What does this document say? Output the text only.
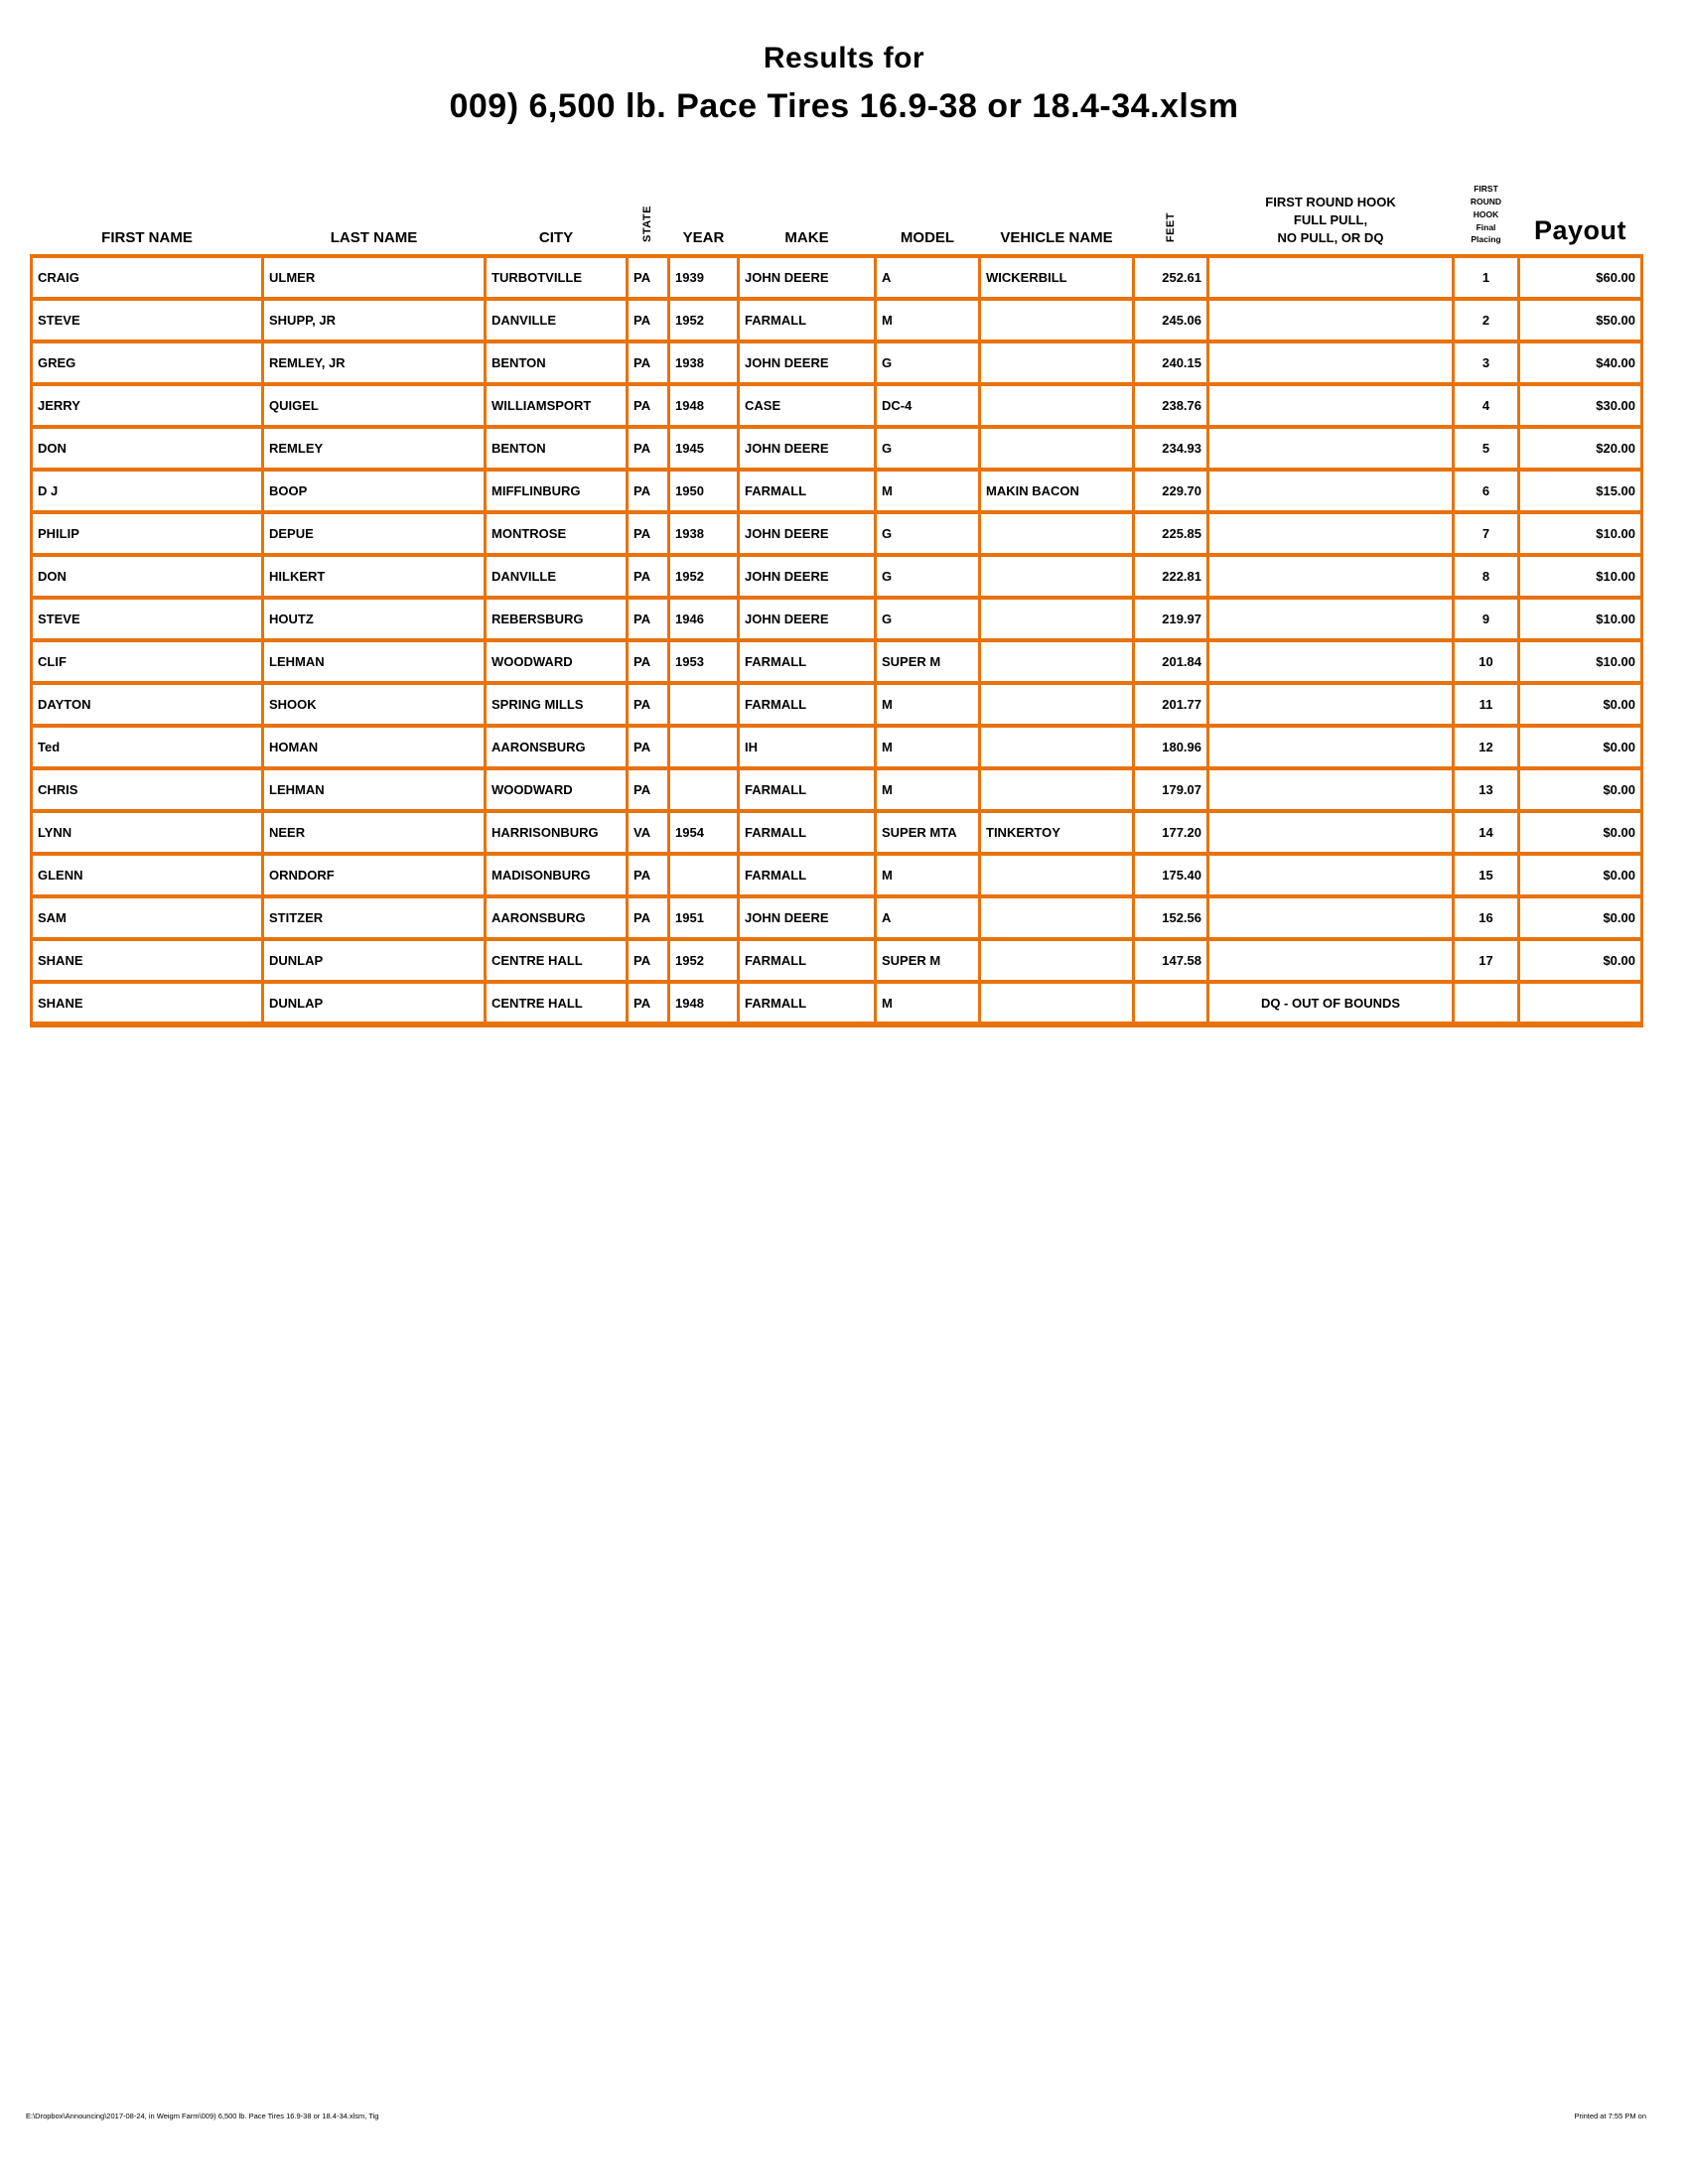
Results for
009) 6,500 lb. Pace Tires 16.9-38 or 18.4-34.xlsm
FIRST NAME	LAST NAME	CITY	STATE	YEAR	MAKE	MODEL	VEHICLE NAME	FEET	
FIRST ROUND HOOK
FULL PULL,
NO PULL, OR DQ

FIRST
ROUND
HOOK
Final
Placing	Payout
CRAIG	ULMER	TURBOTVILLE	PA	1939	JOHN DEERE	A	WICKERBILL	252.61		1	$60.00
STEVE	SHUPP, JR	DANVILLE	PA	1952	FARMALL	M		245.06		2	$50.00
GREG	REMLEY, JR	BENTON	PA	1938	JOHN DEERE	G		240.15		3	$40.00
JERRY	QUIGEL	WILLIAMSPORT	PA	1948	CASE	DC-4		238.76		4	$30.00
DON	REMLEY	BENTON	PA	1945	JOHN DEERE	G		234.93		5	$20.00
D J	BOOP	MIFFLINBURG	PA	1950	FARMALL	M	MAKIN BACON	229.70		6	$15.00
PHILIP	DEPUE	MONTROSE	PA	1938	JOHN DEERE	G		225.85		7	$10.00
DON	HILKERT	DANVILLE	PA	1952	JOHN DEERE	G		222.81		8	$10.00
STEVE	HOUTZ	REBERSBURG	PA	1946	JOHN DEERE	G		219.97		9	$10.00
CLIF	LEHMAN	WOODWARD	PA	1953	FARMALL	SUPER M		201.84		10	$10.00
DAYTON	SHOOK	SPRING MILLS	PA		FARMALL	M		201.77		11	$0.00
Ted	HOMAN	AARONSBURG	PA		IH	M		180.96		12	$0.00
CHRIS	LEHMAN	WOODWARD	PA		FARMALL	M		179.07		13	$0.00
LYNN	NEER	HARRISONBURG	VA	1954	FARMALL	SUPER MTA	TINKERTOY	177.20		14	$0.00
GLENN	ORNDORF	MADISONBURG	PA		FARMALL	M		175.40		15	$0.00
SAM	STITZER	AARONSBURG	PA	1951	JOHN DEERE	A		152.56		16	$0.00
SHANE	DUNLAP	CENTRE HALL	PA	1952	FARMALL	SUPER M		147.58		17	$0.00
SHANE	DUNLAP	CENTRE HALL	PA	1948	FARMALL	M			DQ - OUT OF BOUNDS		
E:\Dropbox\Announcing\2017-08-24, in Weigm Farm\009) 6,500 lb. Pace Tires 16.9-38 or 18.4-34.xlsm, Tig	Printed at 7:55 PM on
